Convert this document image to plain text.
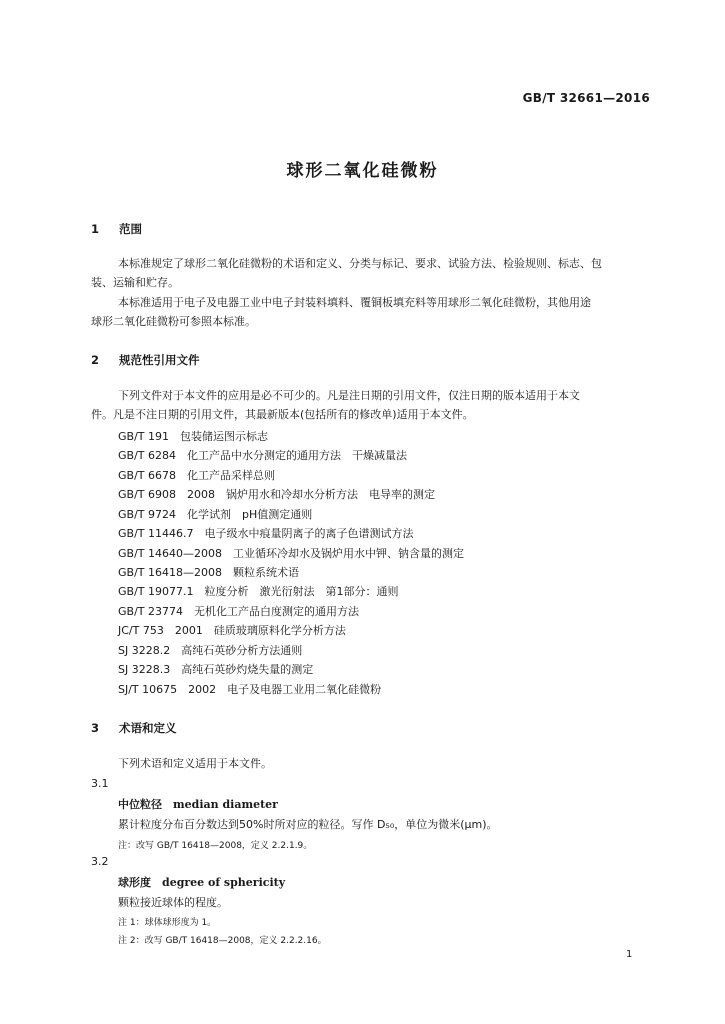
GB/T 32661—2016
球形二氧化硅微粉
1 范围
本标准规定了球形二氧化硅微粉的术语和定义、分类与标记、要求、试验方法、检验规则、标志、包
装、运输和贮存。
本标准适用于电子及电器工业中电子封装料填料、覆铜板填充料等用球形二氧化硅微粉，其他用途
球形二氧化硅微粉可参照本标准。
2 规范性引用文件
下列文件对于本文件的应用是必不可少的。凡是注日期的引用文件，仅注日期的版本适用于本文
件。凡是不注日期的引用文件，其最新版本(包括所有的修改单)适用于本文件。
GB/T 191　包装储运图示标志
GB/T 6284　化工产品中水分测定的通用方法　干燥减量法
GB/T 6678　化工产品采样总则
GB/T 6908　2008　锅炉用水和冷却水分析方法　电导率的测定
GB/T 9724　化学试剂　pH值测定通则
GB/T 11446.7　电子级水中痕量阴离子的离子色谱测试方法
GB/T 14640—2008　工业循环冷却水及锅炉用水中钾、钠含量的测定
GB/T 16418—2008　颗粒系统术语
GB/T 19077.1　粒度分析　激光衍射法　第1部分：通则
GB/T 23774　无机化工产品白度测定的通用方法
JC/T 753　2001　硅质玻璃原料化学分析方法
SJ 3228.2　高纯石英砂分析方法通则
SJ 3228.3　高纯石英砂灼烧失量的测定
SJ/T 10675　2002　电子及电器工业用二氧化硅微粉
3 术语和定义
下列术语和定义适用于本文件。
3.1
中位粒径　 median diameter
累计粒度分布百分数达到50%时所对应的粒径。写作 D₅₀，单位为微米(μm)。
注：改写 GB/T 16418—2008，定义 2.2.1.9。
3.2
球形度　 degree of sphericity
颗粒接近球体的程度。
注 1：球体球形度为 1。
注 2：改写 GB/T 16418—2008，定义 2.2.2.16。
1
